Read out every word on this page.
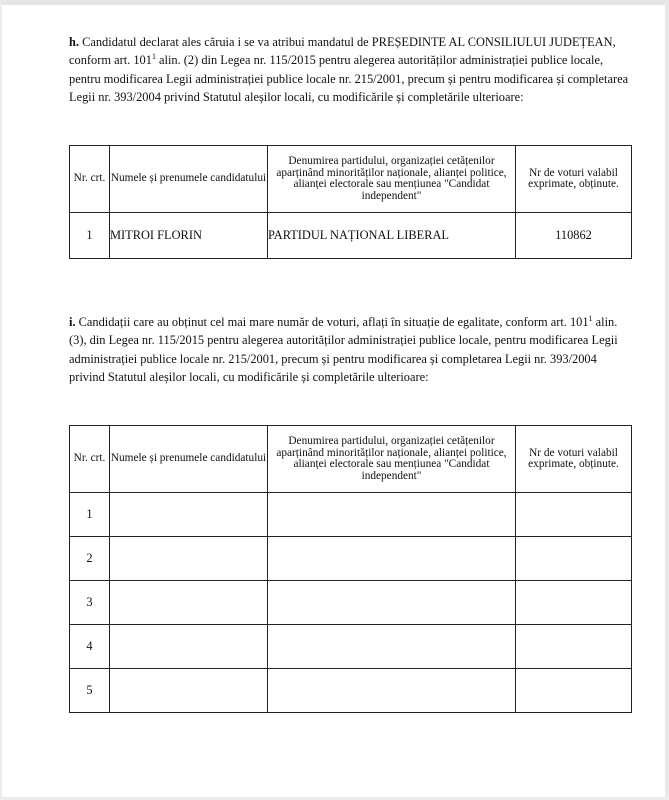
h. Candidatul declarat ales căruia i se va atribui mandatul de PREȘEDINTE AL CONSILIULUI JUDEȚEAN, conform art. $101^1$ alin. (2) din Legea nr. 115/2015 pentru alegerea autorităților administrației publice locale, pentru modificarea Legii administrației publice locale nr. 215/2001, precum și pentru modificarea și completarea Legii nr. 393/2004 privind Statutul aleșilor locali, cu modificările și completările ulterioare:

Nr. crt.	Numele și prenumele candidatului	Denumirea partidului, organizației cetățenilor aparținând minorităților naționale, alianței politice, alianței electorale sau mențiunea "Candidat independent"	Nr de voturi valabil exprimate, obținute.
1	MITROI FLORIN	PARTIDUL NAȚIONAL LIBERAL	110862

i. Candidații care au obținut cel mai mare număr de voturi, aflați în situație de egalitate, conform art. $101^1$ alin. (3), din Legea nr. 115/2015 pentru alegerea autorităților administrației publice locale, pentru modificarea Legii administrației publice locale nr. 215/2001, precum și pentru modificarea și completarea Legii nr. 393/2004 privind Statutul aleșilor locali, cu modificările și completările ulterioare:

Nr. crt.	Numele și prenumele candidatului	Denumirea partidului, organizației cetățenilor aparținând minorităților naționale, alianței politice, alianței electorale sau mențiunea "Candidat independent"	Nr de voturi valabil exprimate, obținute.
1			
2			
3			
4			
5			
